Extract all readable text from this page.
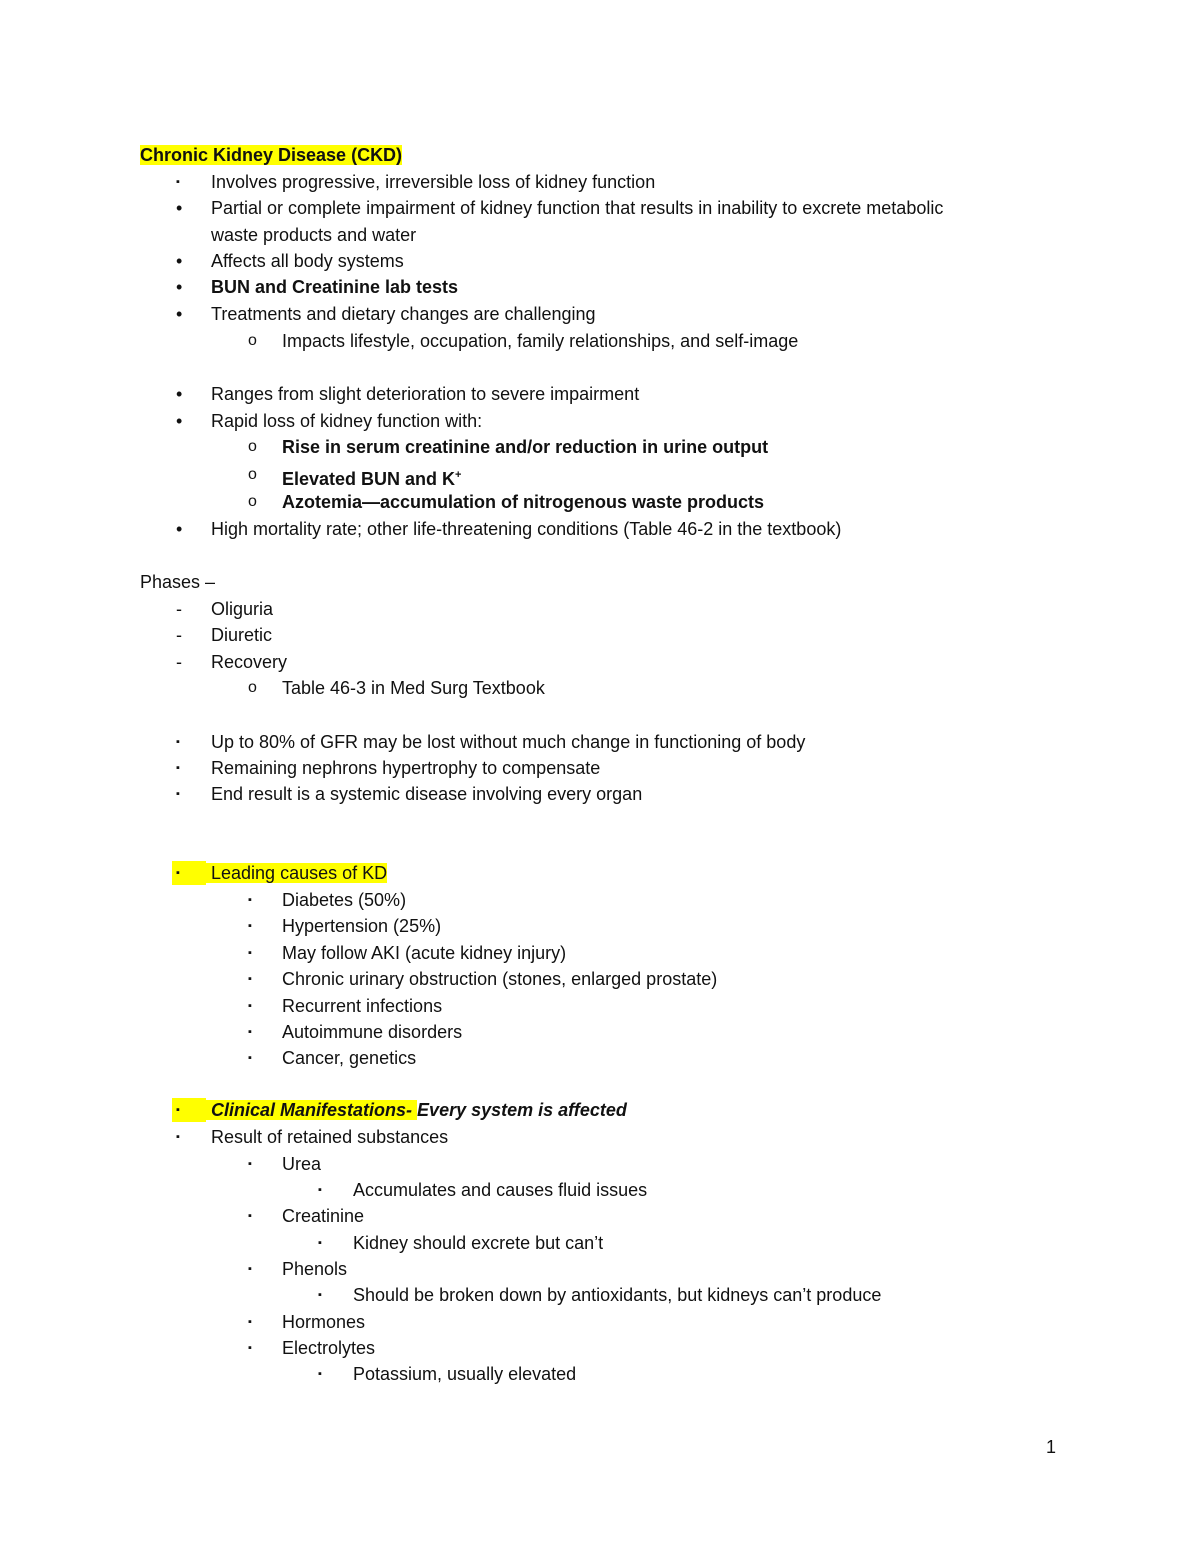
Chronic Kidney Disease (CKD)
▪	Involves progressive, irreversible loss of kidney function
•	Partial or complete impairment of kidney function that results in inability to excrete metabolic
waste products and water
•	Affects all body systems
•	BUN and Creatinine lab tests
•	Treatments and dietary changes are challenging
o	Impacts lifestyle, occupation, family relationships, and self-image
•	Ranges from slight deterioration to severe impairment
•	Rapid loss of kidney function with:
o	Rise in serum creatinine and/or reduction in urine output
o	Elevated BUN and K+
o	Azotemia—accumulation of nitrogenous waste products
•	High mortality rate; other life-threatening conditions (Table 46-2 in the textbook)
Phases –
-	Oliguria
-	Diuretic
-	Recovery
o	Table 46-3 in Med Surg Textbook
▪	Up to 80% of GFR may be lost without much change in functioning of body
▪	Remaining nephrons hypertrophy to compensate
▪	End result is a systemic disease involving every organ
▪	Leading causes of KD
▪	Diabetes (50%)
▪	Hypertension (25%)
▪	May follow AKI (acute kidney injury)
▪	Chronic urinary obstruction (stones, enlarged prostate)
▪	Recurrent infections
▪	Autoimmune disorders
▪	Cancer, genetics
▪	Clinical Manifestations- Every system is affected
▪	Result of retained substances
▪	Urea
▪	Accumulates and causes fluid issues
▪	Creatinine
▪	Kidney should excrete but can’t
▪	Phenols
▪	Should be broken down by antioxidants, but kidneys can’t produce
▪	Hormones
▪	Electrolytes
▪	Potassium, usually elevated
1
